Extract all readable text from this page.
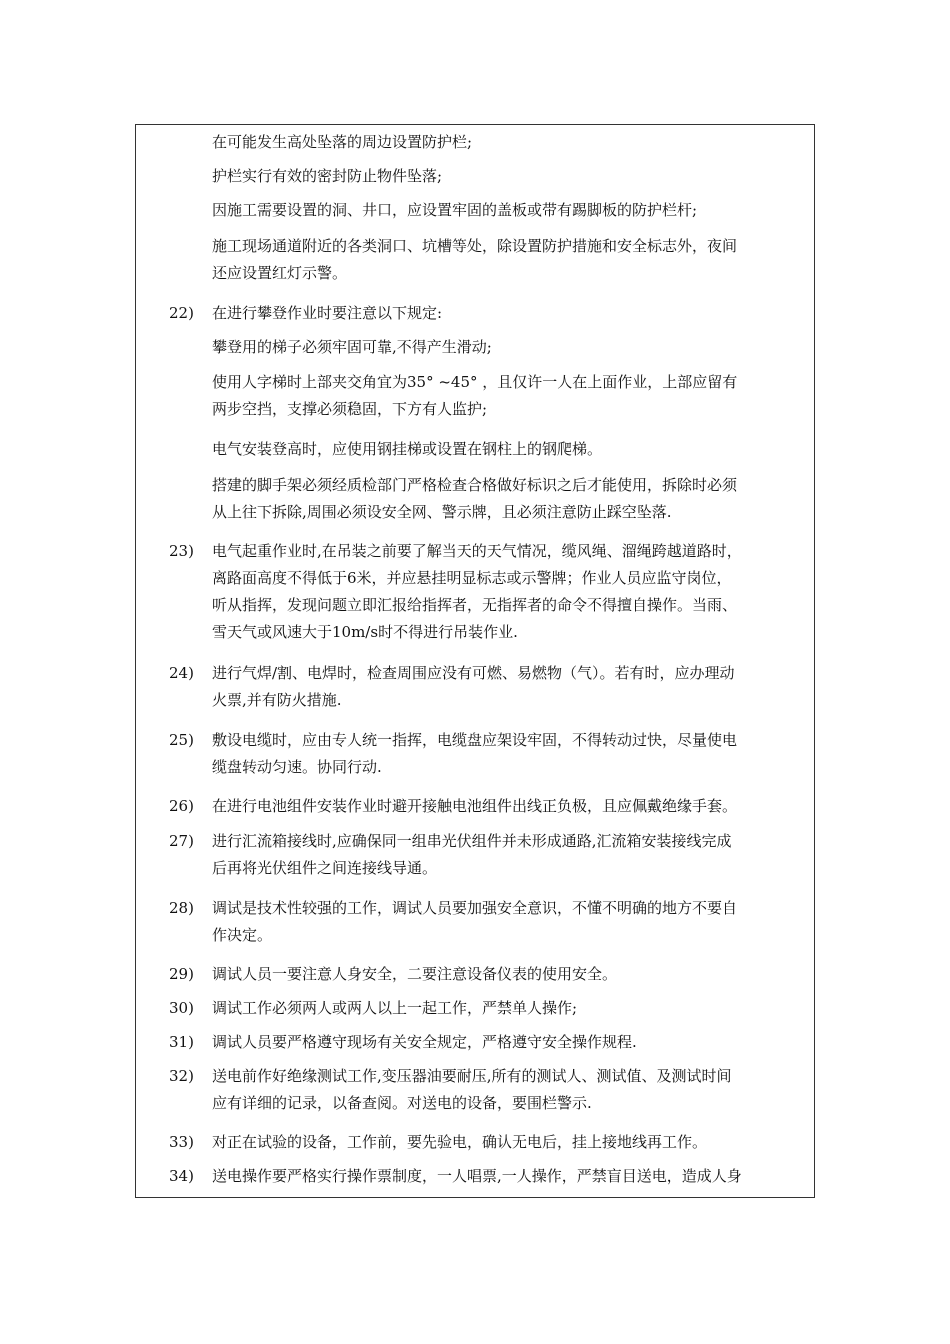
在可能发生高处坠落的周边设置防护栏;
护栏实行有效的密封防止物件坠落;
因施工需要设置的洞、井口，应设置牢固的盖板或带有踢脚板的防护栏杆;
施工现场通道附近的各类洞口、坑槽等处，除设置防护措施和安全标志外，夜间
还应设置红灯示警。
22)	在进行攀登作业时要注意以下规定:
攀登用的梯子必须牢固可靠,不得产生滑动;
使用人字梯时上部夹交角宜为35° ~45° ，且仅许一人在上面作业，上部应留有
两步空挡，支撑必须稳固，下方有人监护;
电气安装登高时，应使用钢挂梯或设置在钢柱上的钢爬梯。
搭建的脚手架必须经质检部门严格检查合格做好标识之后才能使用，拆除时必须
从上往下拆除,周围必须设安全网、警示牌，且必须注意防止踩空坠落.
23)	电气起重作业时,在吊装之前要了解当天的天气情况，缆风绳、溜绳跨越道路时，
离路面高度不得低于6米，并应悬挂明显标志或示警牌；作业人员应监守岗位，
听从指挥，发现问题立即汇报给指挥者，无指挥者的命令不得擅自操作。当雨、
雪天气或风速大于10m/s时不得进行吊装作业.
24)	进行气焊/割、电焊时，检查周围应没有可燃、易燃物（气）。若有时，应办理动
火票,并有防火措施.
25)	敷设电缆时，应由专人统一指挥，电缆盘应架设牢固，不得转动过快，尽量使电
缆盘转动匀速。协同行动.
26)	在进行电池组件安装作业时避开接触电池组件出线正负极，且应佩戴绝缘手套。
27)	进行汇流箱接线时,应确保同一组串光伏组件并未形成通路,汇流箱安装接线完成
后再将光伏组件之间连接线导通。
28)	调试是技术性较强的工作，调试人员要加强安全意识，不懂不明确的地方不要自
作决定。
29)	调试人员一要注意人身安全，二要注意设备仪表的使用安全。
30)	调试工作必须两人或两人以上一起工作，严禁单人操作;
31)	调试人员要严格遵守现场有关安全规定，严格遵守安全操作规程.
32)	送电前作好绝缘测试工作,变压器油要耐压,所有的测试人、测试值、及测试时间
应有详细的记录，以备查阅。对送电的设备，要围栏警示.
33)	对正在试验的设备，工作前，要先验电，确认无电后，挂上接地线再工作。
34)	送电操作要严格实行操作票制度，一人唱票,一人操作，严禁盲目送电，造成人身
